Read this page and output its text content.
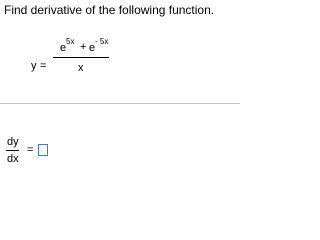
Find derivative of the following function.
y =
e
5x + e
- 5x
x
dy
dx
=
